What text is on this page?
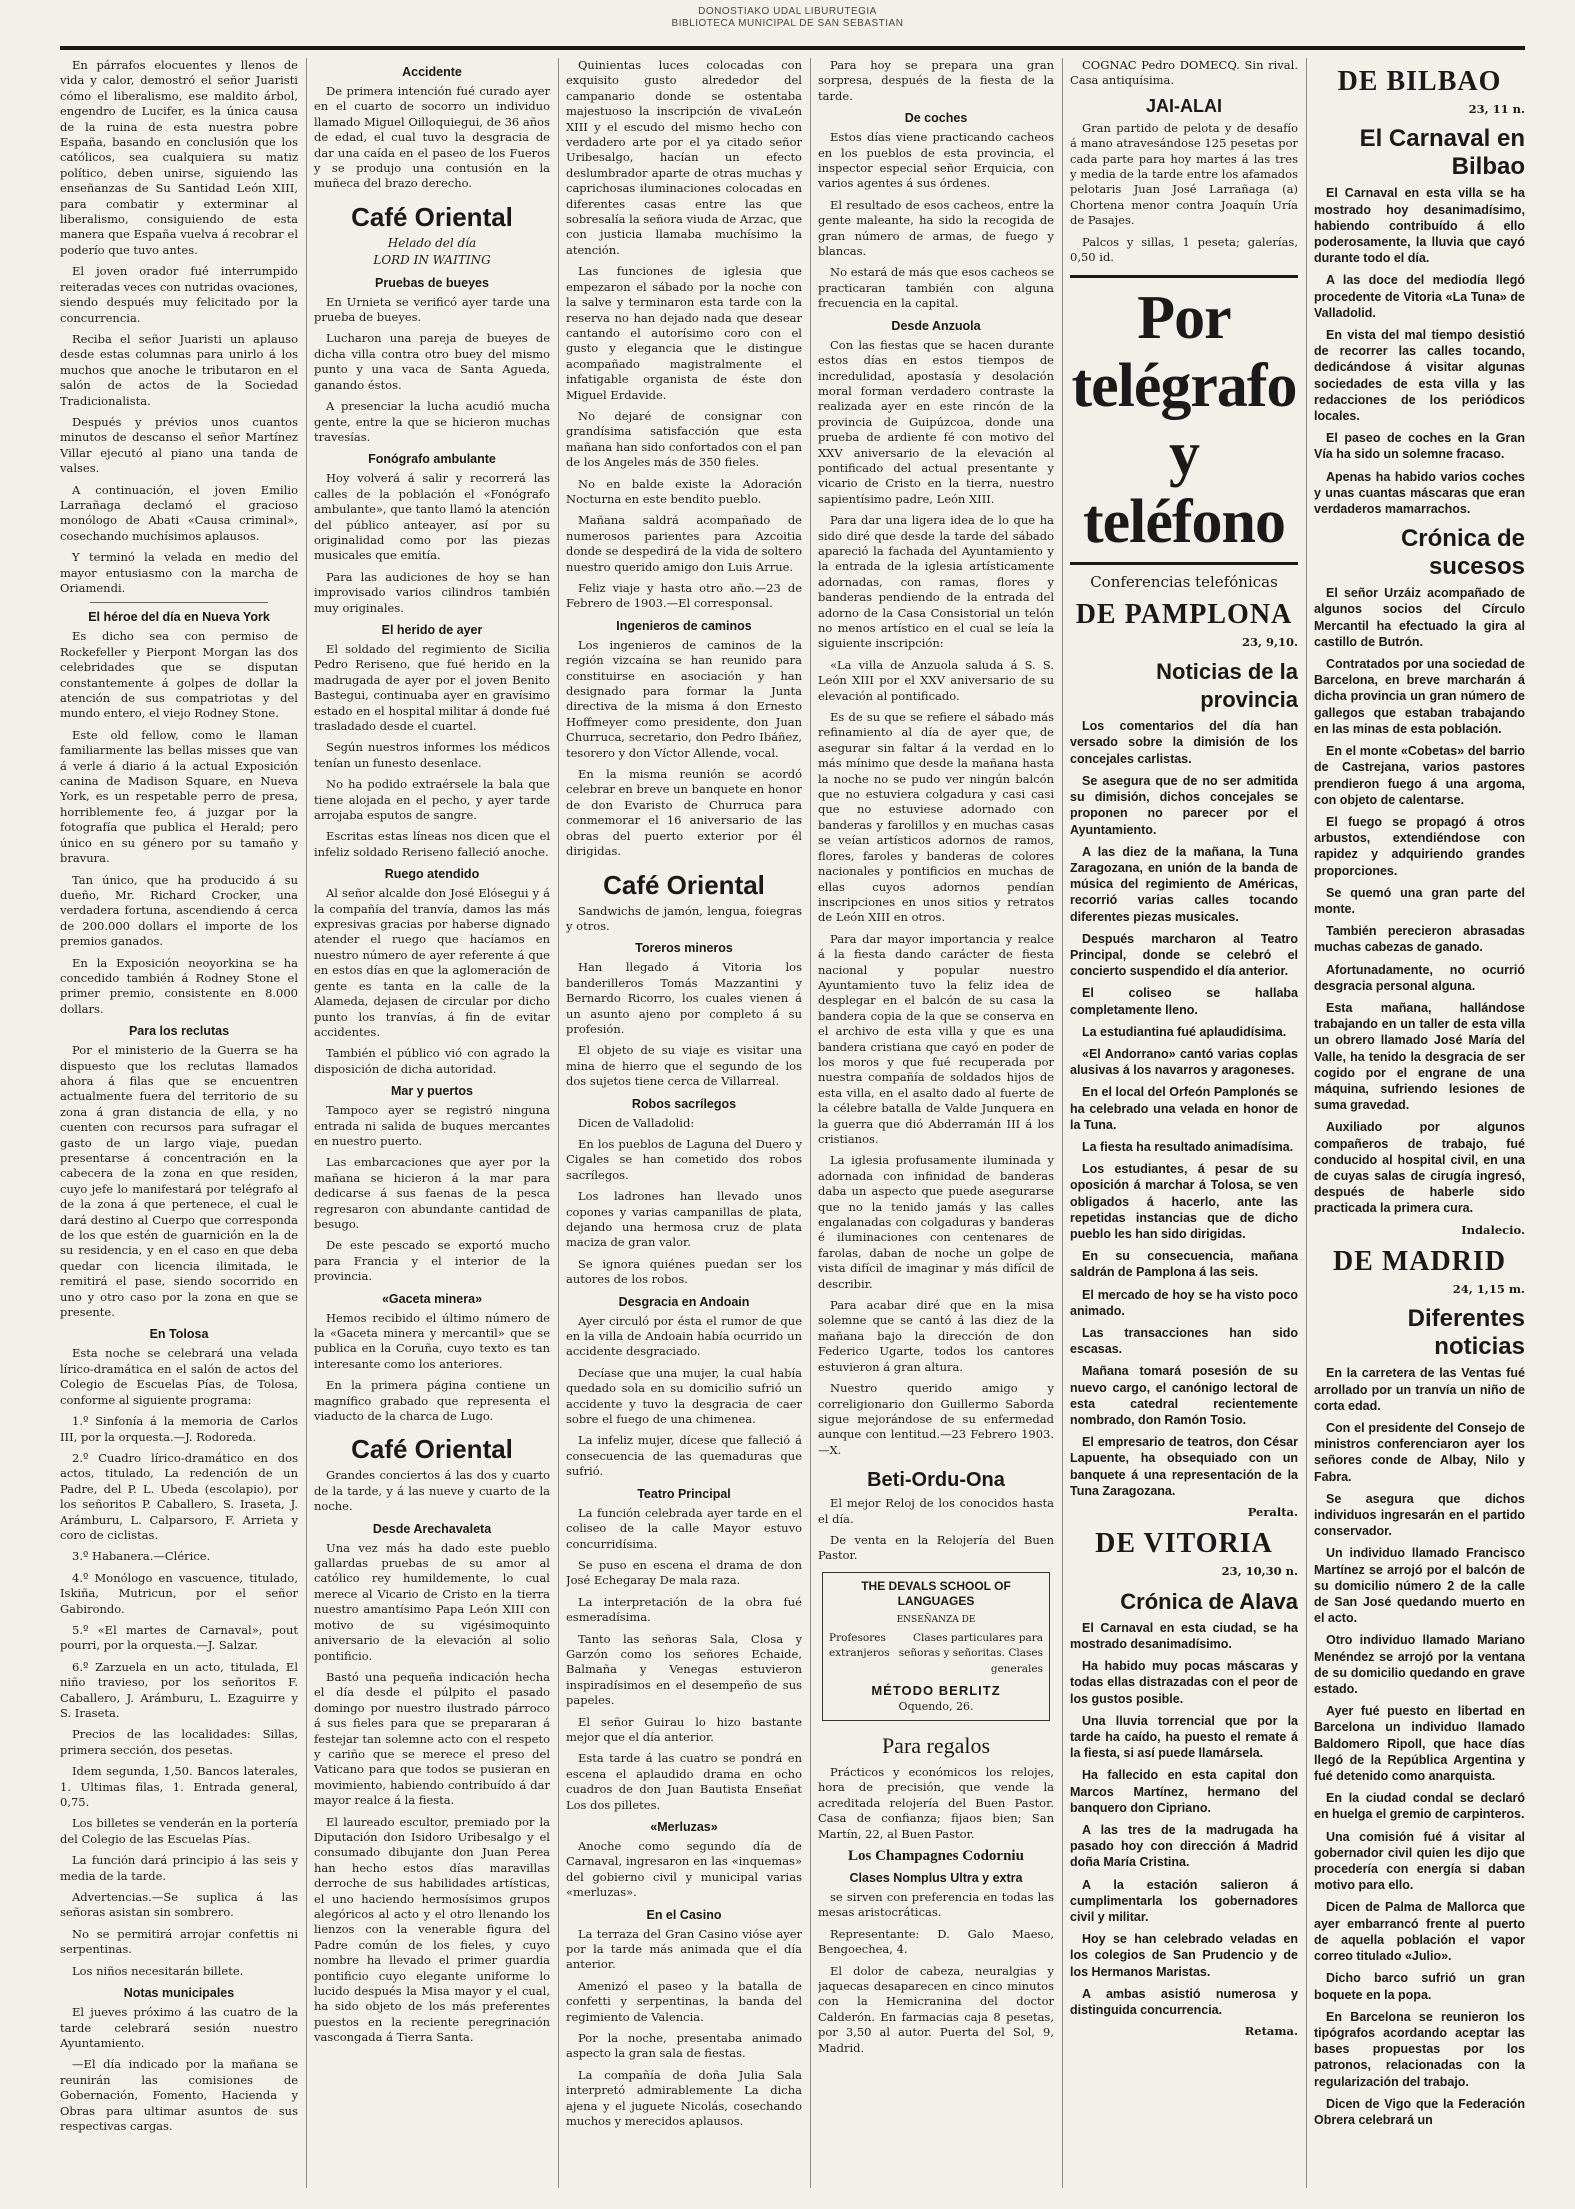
DONOSTIAKO UDAL LIBURUTEGIA
BIBLIOTECA MUNICIPAL DE SAN SEBASTIAN

En párrafos elocuentes y llenos de vida y calor, demostró el señor Juaristi cómo el liberalismo, ese maldito árbol, engendro de Lucifer, es la única causa de la ruina de esta nuestra pobre España, basando en conclusión que los católicos, sea cualquiera su matiz político, deben unirse, siguiendo las enseñanzas de Su Santidad León XIII, para combatir y exterminar al liberalismo, consiguiendo de esta manera que España vuelva á recobrar el poderío que tuvo antes.

El joven orador fué interrumpido reiteradas veces con nutridas ovaciones, siendo después muy felicitado por la concurrencia.

Reciba el señor Juaristi un aplauso desde estas columnas para unirlo á los muchos que anoche le tributaron en el salón de actos de la Sociedad Tradicionalista.

Después y prévios unos cuantos minutos de descanso el señor Martínez Villar ejecutó al piano una tanda de valses.

A continuación, el joven Emilio Larrañaga declamó el gracioso monólogo de Abati «Causa criminal», cosechando muchísimos aplausos.

Y terminó la velada en medio del mayor entusiasmo con la marcha de Oriamendi.

El héroe del día en Nueva York

Es dicho sea con permiso de Rockefeller y Pierpont Morgan las dos celebridades que se disputan constantemente á golpes de dollar la atención de sus compatriotas y del mundo entero, el viejo Rodney Stone.

Este old fellow, como le llaman familiarmente las bellas misses que van á verle á diario á la actual Exposición canina de Madison Square, en Nueva York, es un respetable perro de presa, horriblemente feo, á juzgar por la fotografía que publica el Herald; pero único en su género por su tamaño y bravura.

Tan único, que ha producido á su dueño, Mr. Richard Crocker, una verdadera fortuna, ascendiendo á cerca de 200.000 dollars el importe de los premios ganados.

En la Exposición neoyorkina se ha concedido también á Rodney Stone el primer premio, consistente en 8.000 dollars.

Para los reclutas

Por el ministerio de la Guerra se ha dispuesto que los reclutas llamados ahora á filas que se encuentren actualmente fuera del territorio de su zona á gran distancia de ella, y no cuenten con recursos para sufragar el gasto de un largo viaje, puedan presentarse á concentración en la cabecera de la zona en que residen, cuyo jefe lo manifestará por telégrafo al de la zona á que pertenece, el cual le dará destino al Cuerpo que corresponda de los que estén de guarnición en la de su residencia, y en el caso en que deba quedar con licencia ilimitada, le remitirá el pase, siendo socorrido en uno y otro caso por la zona en que se presente.

En Tolosa

Esta noche se celebrará una velada lírico-dramática en el salón de actos del Colegio de Escuelas Pías, de Tolosa, conforme al siguiente programa:

1.º Sinfonía á la memoria de Carlos III, por la orquesta.—J. Rodoreda.

2.º Cuadro lírico-dramático en dos actos, titulado, La redención de un Padre, del P. L. Ubeda (escolapio), por los señoritos P. Caballero, S. Iraseta, J. Arámburu, L. Calparsoro, F. Arrieta y coro de ciclistas.

3.º Habanera.—Clérice.

4.º Monólogo en vascuence, titulado, Iskiña, Mutricun, por el señor Gabirondo.

5.º «El martes de Carnaval», pout pourri, por la orquesta.—J. Salzar.

6.º Zarzuela en un acto, titulada, El niño travieso, por los señoritos F. Caballero, J. Arámburu, L. Ezaguirre y S. Iraseta.

Precios de las localidades: Sillas, primera sección, dos pesetas.

Idem segunda, 1,50. Bancos laterales, 1. Ultimas filas, 1. Entrada general, 0,75.

Los billetes se venderán en la portería del Colegio de las Escuelas Pías.

La función dará principio á las seis y media de la tarde.

Advertencias.—Se suplica á las señoras asistan sin sombrero.

No se permitirá arrojar confettis ni serpentinas.

Los niños necesitarán billete.

Notas municipales

El jueves próximo á las cuatro de la tarde celebrará sesión nuestro Ayuntamiento.

—El día indicado por la mañana se reunirán las comisiones de Gobernación, Fomento, Hacienda y Obras para ultimar asuntos de sus respectivas cargas.

Accidente

De primera intención fué curado ayer en el cuarto de socorro un individuo llamado Miguel Oilloquiegui, de 36 años de edad, el cual tuvo la desgracia de dar una caída en el paseo de los Fueros y se produjo una contusión en la muñeca del brazo derecho.

Café Oriental
Helado del día
LORD IN WAITING
Pruebas de bueyes

En Urnieta se verificó ayer tarde una prueba de bueyes.

Lucharon una pareja de bueyes de dicha villa contra otro buey del mismo punto y una vaca de Santa Agueda, ganando éstos.

A presenciar la lucha acudió mucha gente, entre la que se hicieron muchas travesías.

Fonógrafo ambulante

Hoy volverá á salir y recorrerá las calles de la población el «Fonógrafo ambulante», que tanto llamó la atención del público anteayer, así por su originalidad como por las piezas musicales que emitía.

Para las audiciones de hoy se han improvisado varios cilindros también muy originales.

El herido de ayer

El soldado del regimiento de Sicilia Pedro Reriseno, que fué herido en la madrugada de ayer por el joven Benito Bastegui, continuaba ayer en gravísimo estado en el hospital militar á donde fué trasladado desde el cuartel.

Según nuestros informes los médicos tenían un funesto desenlace.

No ha podido extraérsele la bala que tiene alojada en el pecho, y ayer tarde arrojaba esputos de sangre.

Escritas estas líneas nos dicen que el infeliz soldado Reriseno falleció anoche.

Ruego atendido

Al señor alcalde don José Elósegui y á la compañía del tranvía, damos las más expresivas gracias por haberse dignado atender el ruego que hacíamos en nuestro número de ayer referente á que en estos días en que la aglomeración de gente es tanta en la calle de la Alameda, dejasen de circular por dicho punto los tranvías, á fin de evitar accidentes.

También el público vió con agrado la disposición de dicha autoridad.

Mar y puertos

Tampoco ayer se registró ninguna entrada ni salida de buques mercantes en nuestro puerto.

Las embarcaciones que ayer por la mañana se hicieron á la mar para dedicarse á sus faenas de la pesca regresaron con abundante cantidad de besugo.

De este pescado se exportó mucho para Francia y el interior de la provincia.

«Gaceta minera»

Hemos recibido el último número de la «Gaceta minera y mercantil» que se publica en la Coruña, cuyo texto es tan interesante como los anteriores.

En la primera página contiene un magnífico grabado que representa el viaducto de la charca de Lugo.

Café Oriental

Grandes conciertos á las dos y cuarto de la tarde, y á las nueve y cuarto de la noche.

Desde Arechavaleta

Una vez más ha dado este pueblo gallardas pruebas de su amor al católico rey humildemente, lo cual merece al Vicario de Cristo en la tierra nuestro amantísimo Papa León XIII con motivo de su vigésimoquinto aniversario de la elevación al solio pontificio.

Bastó una pequeña indicación hecha el día desde el púlpito el pasado domingo por nuestro ilustrado párroco á sus fieles para que se prepararan á festejar tan solemne acto con el respeto y cariño que se merece el preso del Vaticano para que todos se pusieran en movimiento, habiendo contribuído á dar mayor realce á la fiesta.

El laureado escultor, premiado por la Diputación don Isidoro Uribesalgo y el consumado dibujante don Juan Perea han hecho estos días maravillas derroche de sus habilidades artísticas, el uno haciendo hermosísimos grupos alegóricos al acto y el otro llenando los lienzos con la venerable figura del Padre común de los fieles, y cuyo nombre ha llevado el primer guardia pontificio cuyo elegante uniforme lo lucido después la Misa mayor y el cual, ha sido objeto de los más preferentes puestos en la reciente peregrinación vascongada á Tierra Santa.

Quinientas luces colocadas con exquisito gusto alrededor del campanario donde se ostentaba majestuoso la inscripción de vivaLeón XIII y el escudo del mismo hecho con verdadero arte por el ya citado señor Uribesalgo, hacían un efecto deslumbrador aparte de otras muchas y caprichosas iluminaciones colocadas en diferentes casas entre las que sobresalía la señora viuda de Arzac, que con justicia llamaba muchísimo la atención.

Las funciones de iglesia que empezaron el sábado por la noche con la salve y terminaron esta tarde con la reserva no han dejado nada que desear cantando el autorísimo coro con el gusto y elegancia que le distingue acompañado magistralmente el infatigable organista de éste don Miguel Erdavide.

No dejaré de consignar con grandísima satisfacción que esta mañana han sido confortados con el pan de los Angeles más de 350 fieles.

No en balde existe la Adoración Nocturna en este bendito pueblo.

Mañana saldrá acompañado de numerosos parientes para Azcoitia donde se despedirá de la vida de soltero nuestro querido amigo don Luis Arrue.

Feliz viaje y hasta otro año.—23 de Febrero de 1903.—El corresponsal.

Ingenieros de caminos

Los ingenieros de caminos de la región vizcaína se han reunido para constituirse en asociación y han designado para formar la Junta directiva de la misma á don Ernesto Hoffmeyer como presidente, don Juan Churruca, secretario, don Pedro Ibáñez, tesorero y don Víctor Allende, vocal.

En la misma reunión se acordó celebrar en breve un banquete en honor de don Evaristo de Churruca para conmemorar el 16 aniversario de las obras del puerto exterior por él dirigidas.

Café Oriental

Sandwichs de jamón, lengua, foiegras y otros.

Toreros mineros

Han llegado á Vitoria los banderilleros Tomás Mazzantini y Bernardo Ricorro, los cuales vienen á un asunto ajeno por completo á su profesión.

El objeto de su viaje es visitar una mina de hierro que el segundo de los dos sujetos tiene cerca de Villarreal.

Robos sacrílegos

Dicen de Valladolid:

En los pueblos de Laguna del Duero y Cigales se han cometido dos robos sacrílegos.

Los ladrones han llevado unos copones y varias campanillas de plata, dejando una hermosa cruz de plata maciza de gran valor.

Se ignora quiénes puedan ser los autores de los robos.

Desgracia en Andoain

Ayer circuló por ésta el rumor de que en la villa de Andoain había ocurrido un accidente desgraciado.

Decíase que una mujer, la cual había quedado sola en su domicilio sufrió un accidente y tuvo la desgracia de caer sobre el fuego de una chimenea.

La infeliz mujer, dícese que falleció á consecuencia de las quemaduras que sufrió.

Teatro Principal

La función celebrada ayer tarde en el coliseo de la calle Mayor estuvo concurridísima.

Se puso en escena el drama de don José Echegaray De mala raza.

La interpretación de la obra fué esmeradísima.

Tanto las señoras Sala, Closa y Garzón como los señores Echaide, Balmaña y Venegas estuvieron inspiradísimos en el desempeño de sus papeles.

El señor Guirau lo hizo bastante mejor que el día anterior.

Esta tarde á las cuatro se pondrá en escena el aplaudido drama en ocho cuadros de don Juan Bautista Enseñat Los dos pilletes.

«Merluzas»

Anoche como segundo día de Carnaval, ingresaron en las «inquemas» del gobierno civil y municipal varias «merluzas».

En el Casino

La terraza del Gran Casino vióse ayer por la tarde más animada que el día anterior.

Amenizó el paseo y la batalla de confetti y serpentinas, la banda del regimiento de Valencia.

Por la noche, presentaba animado aspecto la gran sala de fiestas.

La compañía de doña Julia Sala interpretó admirablemente La dicha ajena y el juguete Nicolás, cosechando muchos y merecidos aplausos.

Para hoy se prepara una gran sorpresa, después de la fiesta de la tarde.

De coches

Estos días viene practicando cacheos en los pueblos de esta provincia, el inspector especial señor Erquicia, con varios agentes á sus órdenes.

El resultado de esos cacheos, entre la gente maleante, ha sido la recogida de gran número de armas, de fuego y blancas.

No estará de más que esos cacheos se practicaran también con alguna frecuencia en la capital.

Desde Anzuola

Con las fiestas que se hacen durante estos días en estos tiempos de incredulidad, apostasía y desolación moral forman verdadero contraste la realizada ayer en este rincón de la provincia de Guipúzcoa, donde una prueba de ardiente fé con motivo del XXV aniversario de la elevación al pontificado del actual presentante y vicario de Cristo en la tierra, nuestro sapientísimo padre, León XIII.

Para dar una ligera idea de lo que ha sido diré que desde la tarde del sábado apareció la fachada del Ayuntamiento y la entrada de la iglesia artísticamente adornadas, con ramas, flores y banderas pendiendo de la entrada del adorno de la Casa Consistorial un telón no menos artístico en el cual se leía la siguiente inscripción:

«La villa de Anzuola saluda á S. S. León XIII por el XXV aniversario de su elevación al pontificado.

Es de su que se refiere el sábado más refinamiento al día de ayer que, de asegurar sin faltar á la verdad en lo más mínimo que desde la mañana hasta la noche no se pudo ver ningún balcón que no estuviera colgadura y casi casi que no estuviese adornado con banderas y farolillos y en muchas casas se veían artísticos adornos de ramos, flores, faroles y banderas de colores nacionales y pontificios en muchas de ellas cuyos adornos pendían inscripciones en unos sitios y retratos de León XIII en otros.

Para dar mayor importancia y realce á la fiesta dando carácter de fiesta nacional y popular nuestro Ayuntamiento tuvo la feliz idea de desplegar en el balcón de su casa la bandera copia de la que se conserva en el archivo de esta villa y que es una bandera cristiana que cayó en poder de los moros y que fué recuperada por nuestra compañía de soldados hijos de esta villa, en el asalto dado al fuerte de la célebre batalla de Valde Junquera en la guerra que dió Abderramán III á los cristianos.

La iglesia profusamente iluminada y adornada con infinidad de banderas daba un aspecto que puede asegurarse que no la tenido jamás y las calles engalanadas con colgaduras y banderas é iluminaciones con centenares de farolas, daban de noche un golpe de vista difícil de imaginar y más difícil de describir.

Para acabar diré que en la misa solemne que se cantó á las diez de la mañana bajo la dirección de don Federico Ugarte, todos los cantores estuvieron á gran altura.

Nuestro querido amigo y correligionario don Guillermo Saborda sigue mejorándose de su enfermedad aunque con lentitud.—23 Febrero 1903.—X.

Beti-Ordu-Ona

El mejor Reloj de los conocidos hasta el día.

De venta en la Relojería del Buen Pastor.

THE DEVALS SCHOOL OF LANGUAGES
ENSEÑANZA DE
Profesores extranjeros
Clases particulares para señoras y señoritas. Clases generales
MÉTODO BERLITZ
Oquendo, 26.
Para regalos

Prácticos y económicos los relojes, hora de precisión, que vende la acreditada relojería del Buen Pastor. Casa de confianza; fijaos bien; San Martín, 22, al Buen Pastor.

Los Champagnes Codorniu
Clases Nomplus Ultra y extra

se sirven con preferencia en todas las mesas aristocráticas.

Representante: D. Galo Maeso, Bengoechea, 4.

El dolor de cabeza, neuralgias y jaquecas desaparecen en cinco minutos con la Hemicranina del doctor Calderón. En farmacias caja 8 pesetas, por 3,50 al autor. Puerta del Sol, 9, Madrid.

COGNAC Pedro DOMECQ. Sin rival. Casa antiquísima.

JAI-ALAI

Gran partido de pelota y de desafío á mano atravesándose 125 pesetas por cada parte para hoy martes á las tres y media de la tarde entre los afamados pelotaris Juan José Larrañaga (a) Chortena menor contra Joaquín Uría de Pasajes.

Palcos y sillas, 1 peseta; galerías, 0,50 id.

Por telégrafo y teléfono
Conferencias telefónicas
DE PAMPLONA
23, 9,10.
Noticias de la provincia

Los comentarios del día han versado sobre la dimisión de los concejales carlistas.

Se asegura que de no ser admitida su dimisión, dichos concejales se proponen no parecer por el Ayuntamiento.

A las diez de la mañana, la Tuna Zaragozana, en unión de la banda de música del regimiento de Américas, recorrió varias calles tocando diferentes piezas musicales.

Después marcharon al Teatro Principal, donde se celebró el concierto suspendido el día anterior.

El coliseo se hallaba completamente lleno.

La estudiantina fué aplaudidísima.

«El Andorrano» cantó varias coplas alusivas á los navarros y aragoneses.

En el local del Orfeón Pamplonés se ha celebrado una velada en honor de la Tuna.

La fiesta ha resultado animadísima.

Los estudiantes, á pesar de su oposición á marchar á Tolosa, se ven obligados á hacerlo, ante las repetidas instancias que de dicho pueblo les han sido dirigidas.

En su consecuencia, mañana saldrán de Pamplona á las seis.

El mercado de hoy se ha visto poco animado.

Las transacciones han sido escasas.

Mañana tomará posesión de su nuevo cargo, el canónigo lectoral de esta catedral recientemente nombrado, don Ramón Tosio.

El empresario de teatros, don César Lapuente, ha obsequiado con un banquete á una representación de la Tuna Zaragozana.

Peralta.
DE VITORIA
23, 10,30 n.
Crónica de Alava

El Carnaval en esta ciudad, se ha mostrado desanimadísimo.

Ha habido muy pocas máscaras y todas ellas distrazadas con el peor de los gustos posible.

Una lluvia torrencial que por la tarde ha caído, ha puesto el remate á la fiesta, si así puede llamársela.

Ha fallecido en esta capital don Marcos Martínez, hermano del banquero don Cipriano.

A las tres de la madrugada ha pasado hoy con dirección á Madrid doña María Cristina.

A la estación salieron á cumplimentarla los gobernadores civil y militar.

Hoy se han celebrado veladas en los colegios de San Prudencio y de los Hermanos Maristas.

A ambas asistió numerosa y distinguida concurrencia.

Retama.
DE BILBAO
23, 11 n.
El Carnaval en Bilbao

El Carnaval en esta villa se ha mostrado hoy desanimadísimo, habiendo contribuído á ello poderosamente, la lluvia que cayó durante todo el día.

A las doce del mediodía llegó procedente de Vitoria «La Tuna» de Valladolid.

En vista del mal tiempo desistió de recorrer las calles tocando, dedicándose á visitar algunas sociedades de esta villa y las redacciones de los periódicos locales.

El paseo de coches en la Gran Vía ha sido un solemne fracaso.

Apenas ha habido varios coches y unas cuantas máscaras que eran verdaderos mamarrachos.

Crónica de sucesos

El señor Urzáiz acompañado de algunos socios del Círculo Mercantil ha efectuado la gira al castillo de Butrón.

Contratados por una sociedad de Barcelona, en breve marcharán á dicha provincia un gran número de gallegos que estaban trabajando en las minas de esta población.

En el monte «Cobetas» del barrio de Castrejana, varios pastores prendieron fuego á una argoma, con objeto de calentarse.

El fuego se propagó á otros arbustos, extendiéndose con rapidez y adquiriendo grandes proporciones.

Se quemó una gran parte del monte.

También perecieron abrasadas muchas cabezas de ganado.

Afortunadamente, no ocurrió desgracia personal alguna.

Esta mañana, hallándose trabajando en un taller de esta villa un obrero llamado José María del Valle, ha tenido la desgracia de ser cogido por el engrane de una máquina, sufriendo lesiones de suma gravedad.

Auxiliado por algunos compañeros de trabajo, fué conducido al hospital civil, en una de cuyas salas de cirugía ingresó, después de haberle sido practicada la primera cura.

Indalecio.
DE MADRID
24, 1,15 m.
Diferentes noticias

En la carretera de las Ventas fué arrollado por un tranvía un niño de corta edad.

Con el presidente del Consejo de ministros conferenciaron ayer los señores conde de Albay, Nilo y Fabra.

Se asegura que dichos individuos ingresarán en el partido conservador.

Un individuo llamado Francisco Martínez se arrojó por el balcón de su domicilio número 2 de la calle de San José quedando muerto en el acto.

Otro individuo llamado Mariano Menéndez se arrojó por la ventana de su domicilio quedando en grave estado.

Ayer fué puesto en libertad en Barcelona un individuo llamado Baldomero Ripoll, que hace días llegó de la República Argentina y fué detenido como anarquista.

En la ciudad condal se declaró en huelga el gremio de carpinteros.

Una comisión fué á visitar al gobernador civil quien les dijo que procedería con energía si daban motivo para ello.

Dicen de Palma de Mallorca que ayer embarrancó frente al puerto de aquella población el vapor correo titulado «Julio».

Dicho barco sufrió un gran boquete en la popa.

En Barcelona se reunieron los tipógrafos acordando aceptar las bases propuestas por los patronos, relacionadas con la regularización del trabajo.

Dicen de Vigo que la Federación Obrera celebrará un
